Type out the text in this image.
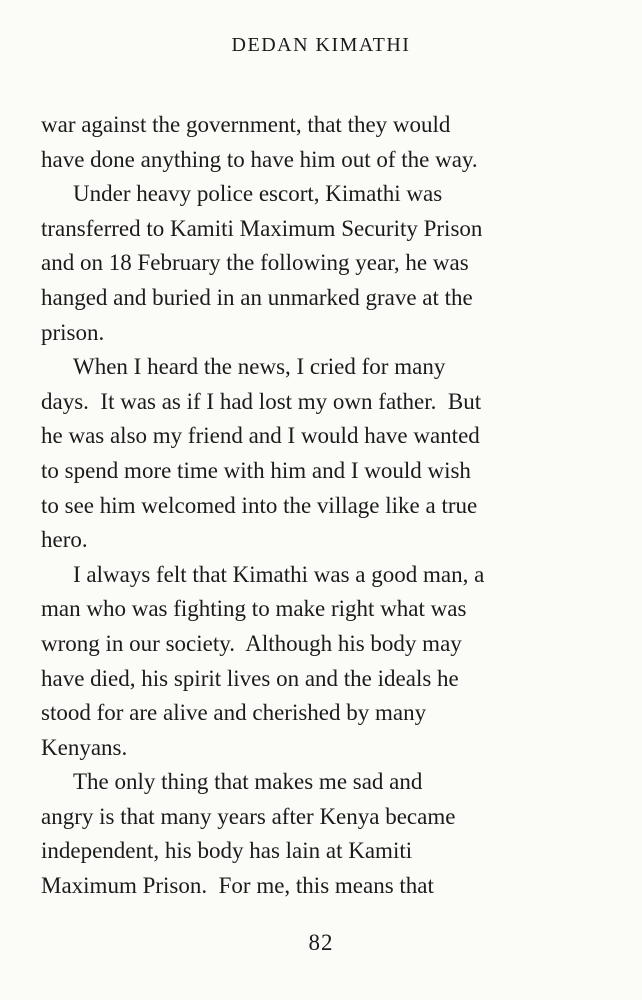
DEDAN KIMATHI
war against the government, that they would
have done anything to have him out of the way.
Under heavy police escort, Kimathi was
transferred to Kamiti Maximum Security Prison
and on 18 February the following year, he was
hanged and buried in an unmarked grave at the
prison.
When I heard the news, I cried for many
days.  It was as if I had lost my own father.  But
he was also my friend and I would have wanted
to spend more time with him and I would wish
to see him welcomed into the village like a true
hero.
I always felt that Kimathi was a good man, a
man who was fighting to make right what was
wrong in our society.  Although his body may
have died, his spirit lives on and the ideals he
stood for are alive and cherished by many
Kenyans.
The only thing that makes me sad and
angry is that many years after Kenya became
independent, his body has lain at Kamiti
Maximum Prison.  For me, this means that
82
